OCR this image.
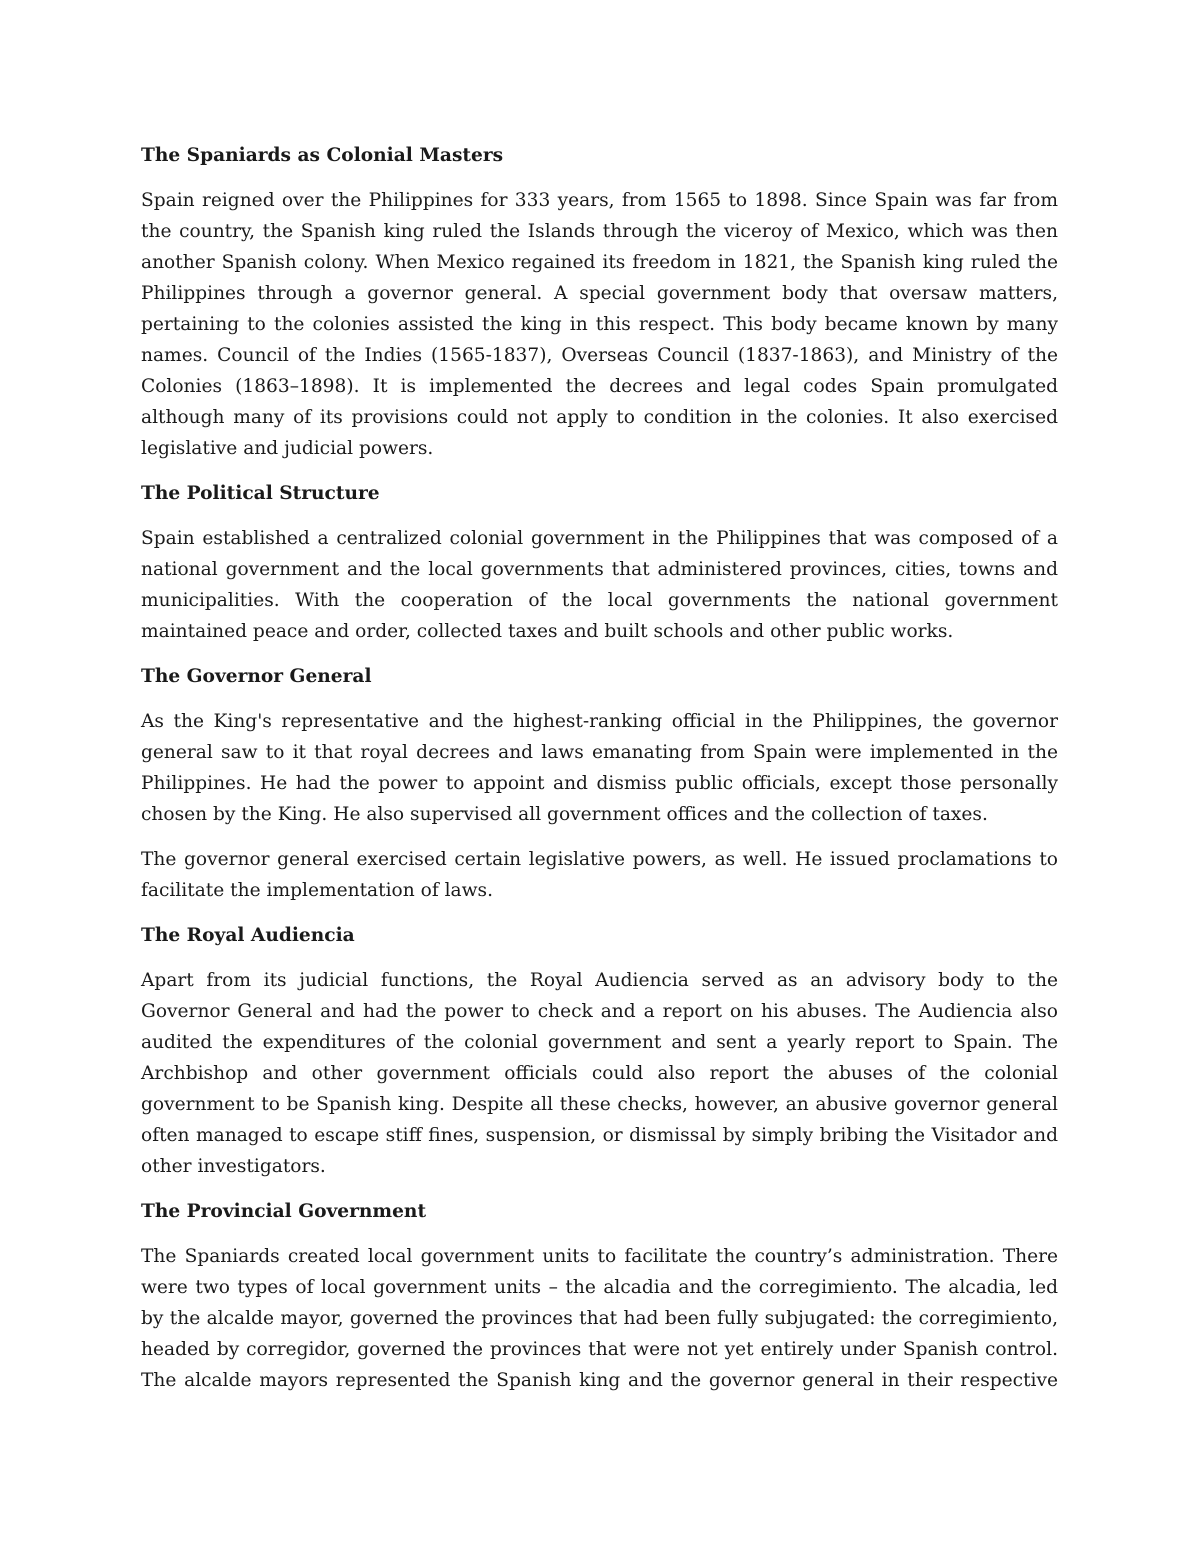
The Spaniards as Colonial Masters

Spain reigned over the Philippines for 333 years, from 1565 to 1898. Since Spain was far from the country, the Spanish king ruled the Islands through the viceroy of Mexico, which was then another Spanish colony. When Mexico regained its freedom in 1821, the Spanish king ruled the Philippines through a governor general. A special government body that oversaw matters, pertaining to the colonies assisted the king in this respect. This body became known by many names. Council of the Indies (1565-1837), Overseas Council (1837-1863), and Ministry of the Colonies (1863–1898). It is implemented the decrees and legal codes Spain promulgated although many of its provisions could not apply to condition in the colonies. It also exercised legislative and judicial powers.

The Political Structure

Spain established a centralized colonial government in the Philippines that was composed of a national government and the local governments that administered provinces, cities, towns and municipalities. With the cooperation of the local governments the national government maintained peace and order, collected taxes and built schools and other public works.

The Governor General

As the King's representative and the highest-ranking official in the Philippines, the governor general saw to it that royal decrees and laws emanating from Spain were implemented in the Philippines. He had the power to appoint and dismiss public officials, except those personally chosen by the King. He also supervised all government offices and the collection of taxes.

The governor general exercised certain legislative powers, as well. He issued proclamations to facilitate the implementation of laws.

The Royal Audiencia

Apart from its judicial functions, the Royal Audiencia served as an advisory body to the Governor General and had the power to check and a report on his abuses. The Audiencia also audited the expenditures of the colonial government and sent a yearly report to Spain. The Archbishop and other government officials could also report the abuses of the colonial government to be Spanish king. Despite all these checks, however, an abusive governor general often managed to escape stiff fines, suspension, or dismissal by simply bribing the Visitador and other investigators.

The Provincial Government

The Spaniards created local government units to facilitate the country’s administration. There were two types of local government units – the alcadia and the corregimiento. The alcadia, led by the alcalde mayor, governed the provinces that had been fully subjugated: the corregimiento, headed by corregidor, governed the provinces that were not yet entirely under Spanish control. The alcalde mayors represented the Spanish king and the governor general in their respective
